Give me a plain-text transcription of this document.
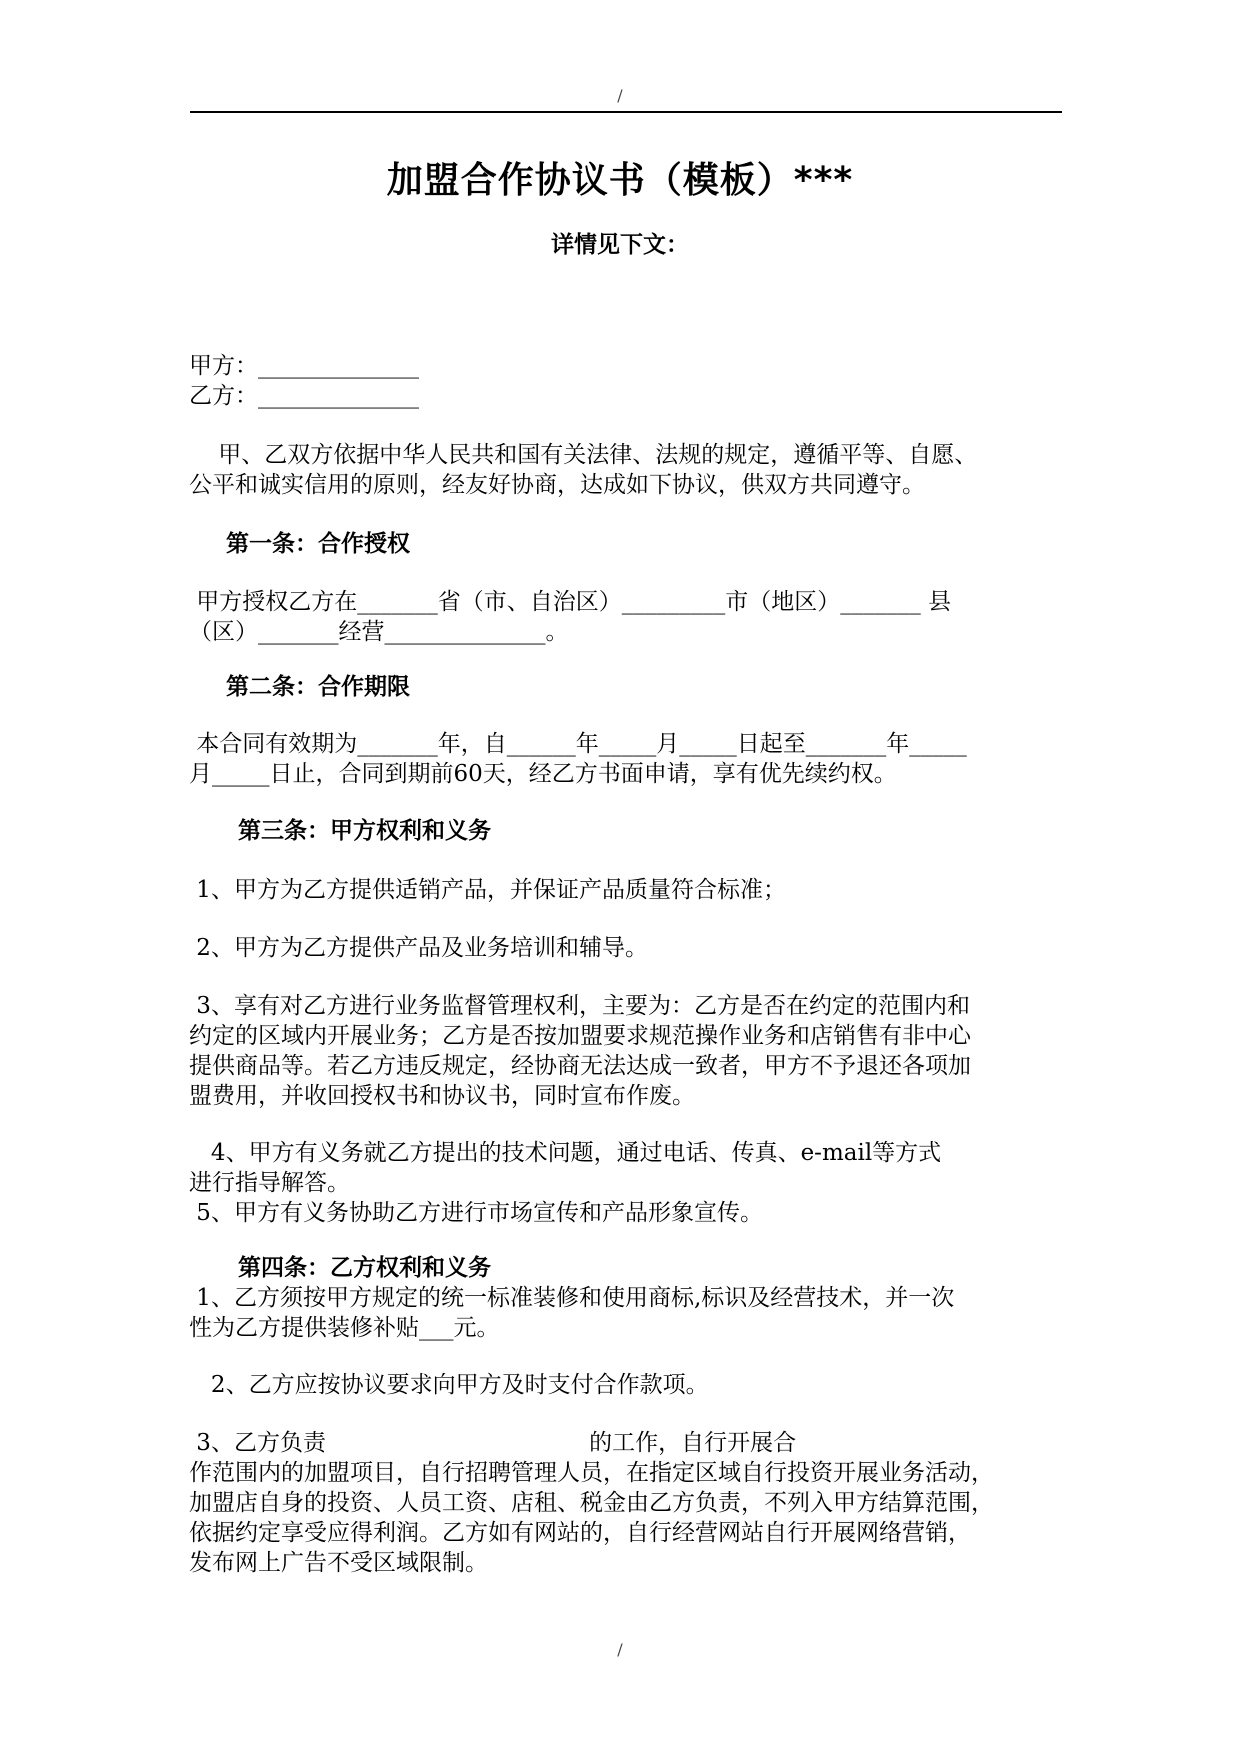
/
加盟合作协议书（模板）***
详情见下文：
甲方：______________
乙方：______________
甲、乙双方依据中华人民共和国有关法律、法规的规定，遵循平等、自愿、
公平和诚实信用的原则，经友好协商，达成如下协议，供双方共同遵守。
第一条：合作授权
甲方授权乙方在_______省（市、自治区）_________市（地区）_______ 县
（区）_______经营______________。
第二条：合作期限
本合同有效期为_______年，自______年_____月_____日起至_______年_____
月_____日止，合同到期前60天，经乙方书面申请，享有优先续约权。
第三条：甲方权利和义务
1、甲方为乙方提供适销产品，并保证产品质量符合标准；
2、甲方为乙方提供产品及业务培训和辅导。
3、享有对乙方进行业务监督管理权利，主要为：乙方是否在约定的范围内和
约定的区域内开展业务；乙方是否按加盟要求规范操作业务和店销售有非中心
提供商品等。若乙方违反规定，经协商无法达成一致者，甲方不予退还各项加
盟费用，并收回授权书和协议书，同时宣布作废。
4、甲方有义务就乙方提出的技术问题，通过电话、传真、e-mail等方式
进行指导解答。
5、甲方有义务协助乙方进行市场宣传和产品形象宣传。
第四条：乙方权利和义务
1、乙方须按甲方规定的统一标准装修和使用商标,标识及经营技术，并一次
性为乙方提供装修补贴___元。
2、乙方应按协议要求向甲方及时支付合作款项。
3、乙方负责                                    的工作，自行开展合
作范围内的加盟项目，自行招聘管理人员，在指定区域自行投资开展业务活动，
加盟店自身的投资、人员工资、店租、税金由乙方负责，不列入甲方结算范围，
依据约定享受应得利润。乙方如有网站的，自行经营网站自行开展网络营销，
发布网上广告不受区域限制。
/
